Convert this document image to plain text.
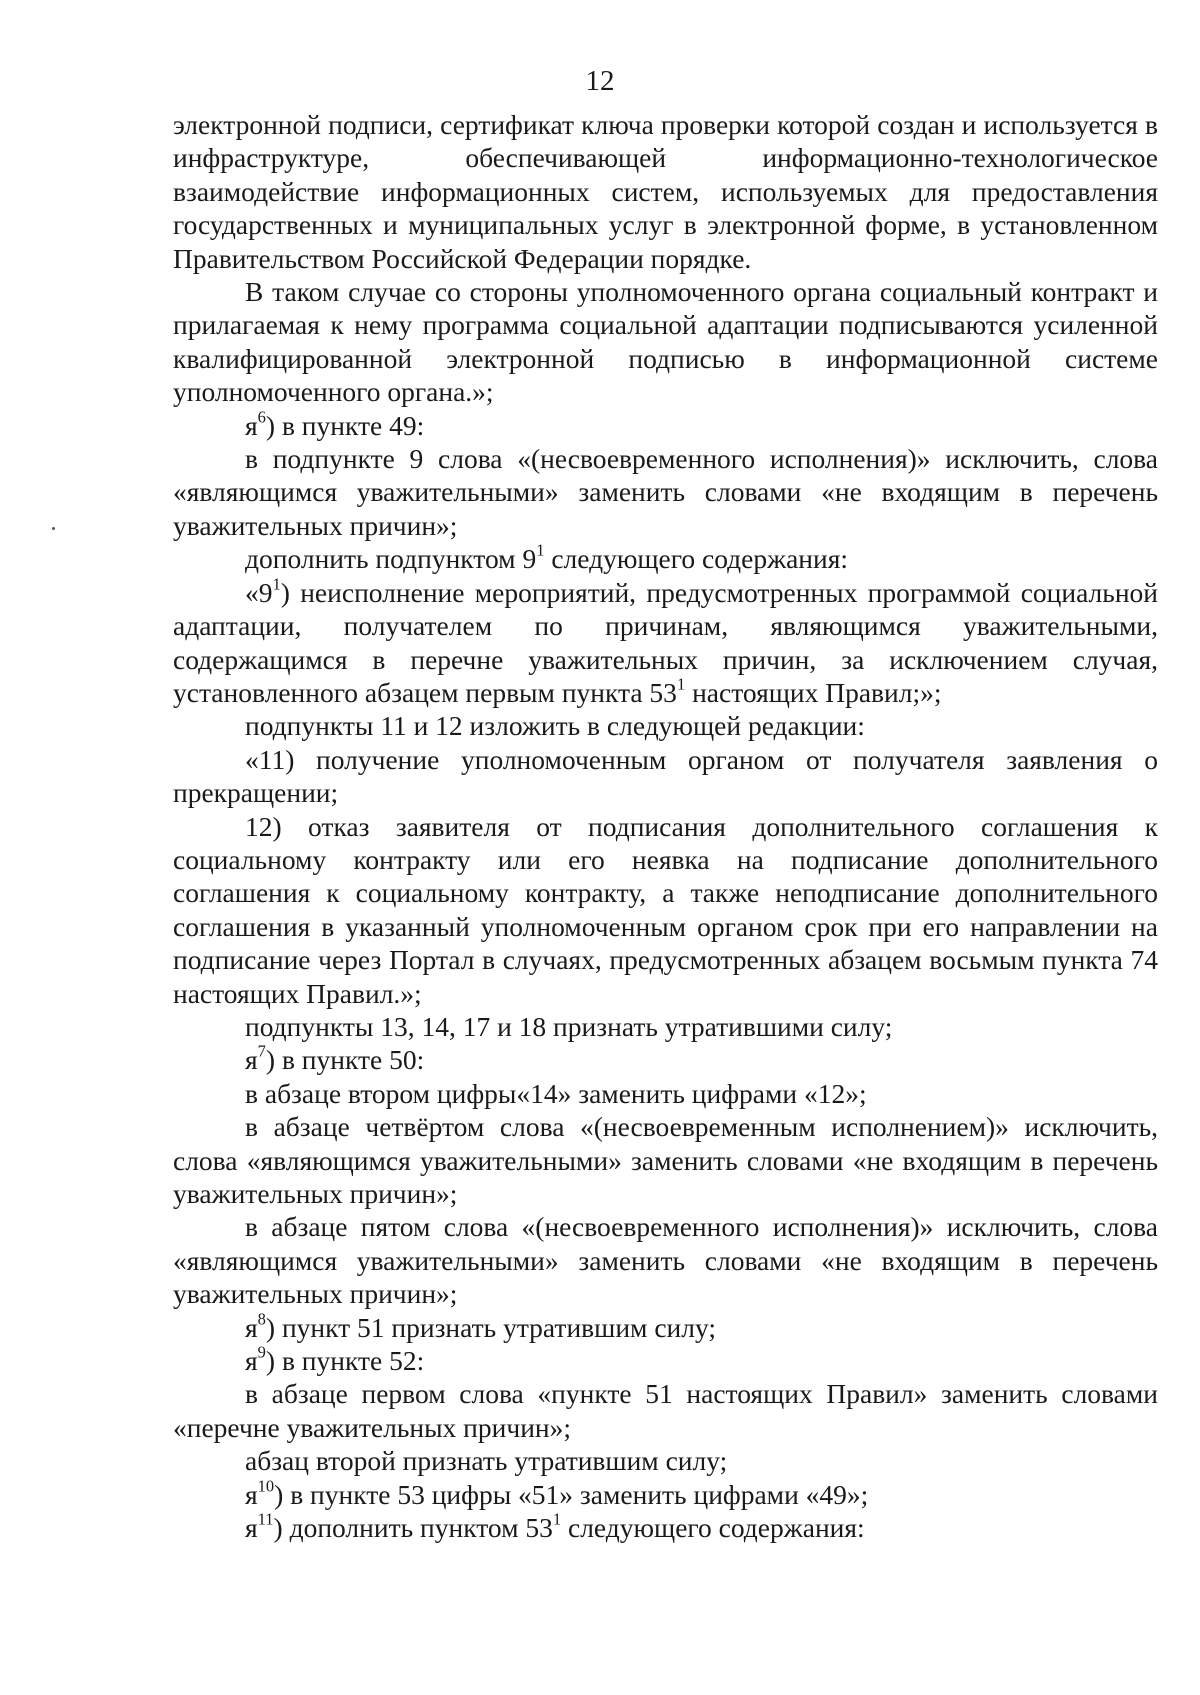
12

электронной подписи, сертификат ключа проверки которой создан и используется в инфраструктуре, обеспечивающей информационно-технологическое взаимодействие информационных систем, используемых для предоставления государственных и муниципальных услуг в электронной форме, в установленном Правительством Российской Федерации порядке.

В таком случае со стороны уполномоченного органа социальный контракт и прилагаемая к нему программа социальной адаптации подписываются усиленной квалифицированной электронной подписью в информационной системе уполномоченного органа.»;

$я^6$) в пункте 49:

в подпункте 9 слова «(несвоевременного исполнения)» исключить, слова «являющимся уважительными» заменить словами «не входящим в перечень уважительных причин»;

дополнить подпунктом $9^1$ следующего содержания:

«$9^1$) неисполнение мероприятий, предусмотренных программой социальной адаптации, получателем по причинам, являющимся уважительными, содержащимся в перечне уважительных причин, за исключением случая, установленного абзацем первым пункта $53^1$ настоящих Правил;»;

подпункты 11 и 12 изложить в следующей редакции:

«11) получение уполномоченным органом от получателя заявления о прекращении;

12) отказ заявителя от подписания дополнительного соглашения к социальному контракту или его неявка на подписание дополнительного соглашения к социальному контракту, а также неподписание дополнительного соглашения в указанный уполномоченным органом срок при его направлении на подписание через Портал в случаях, предусмотренных абзацем восьмым пункта 74 настоящих Правил.»;

подпункты 13, 14, 17 и 18 признать утратившими силу;

$я^7$) в пункте 50:

в абзаце втором цифры«14» заменить цифрами «12»;

в абзаце четвёртом слова «(несвоевременным исполнением)» исключить, слова «являющимся уважительными» заменить словами «не входящим в перечень уважительных причин»;

в абзаце пятом слова «(несвоевременного исполнения)» исключить, слова «являющимся уважительными» заменить словами «не входящим в перечень уважительных причин»;

$я^8$) пункт 51 признать утратившим силу;

$я^9$) в пункте 52:

в абзаце первом слова «пункте 51 настоящих Правил» заменить словами «перечне уважительных причин»;

абзац второй признать утратившим силу;

$я^{10}$) в пункте 53 цифры «51» заменить цифрами «49»;

$я^{11}$) дополнить пунктом $53^1$ следующего содержания:
